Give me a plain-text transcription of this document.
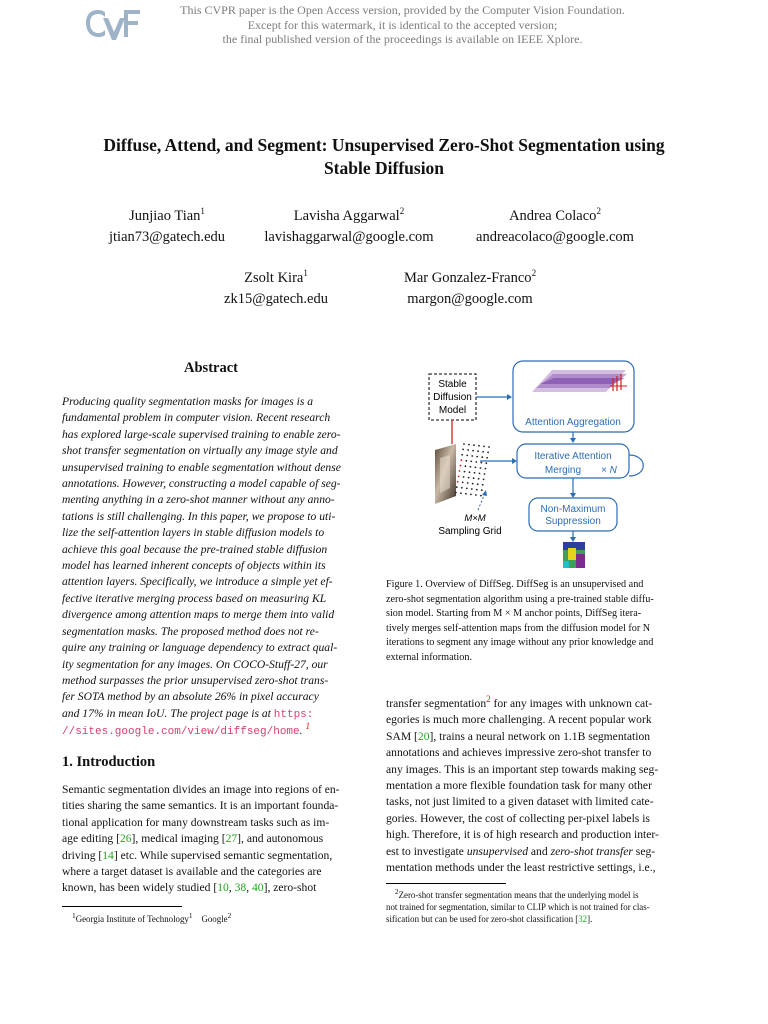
This CVPR paper is the Open Access version, provided by the Computer Vision Foundation.
Except for this watermark, it is identical to the accepted version;
the final published version of the proceedings is available on IEEE Xplore.
Diffuse, Attend, and Segment: Unsupervised Zero-Shot Segmentation using
Stable Diffusion
Junjiao Tian$^1$
jtian73@gatech.edu
Lavisha Aggarwal$^2$
lavishaggarwal@google.com
Andrea Colaco$^2$
andreacolaco@google.com
Zsolt Kira$^1$
zk15@gatech.edu
Mar Gonzalez-Franco$^2$
margon@google.com
Abstract
Producing quality segmentation masks for images is a
fundamental problem in computer vision. Recent research
has explored large-scale supervised training to enable zero-
shot transfer segmentation on virtually any image style and
unsupervised training to enable segmentation without dense
annotations. However, constructing a model capable of seg-
menting anything in a zero-shot manner without any anno-
tations is still challenging. In this paper, we propose to uti-
lize the self-attention layers in stable diffusion models to
achieve this goal because the pre-trained stable diffusion
model has learned inherent concepts of objects within its
attention layers. Specifically, we introduce a simple yet ef-
fective iterative merging process based on measuring KL
divergence among attention maps to merge them into valid
segmentation masks. The proposed method does not re-
quire any training or language dependency to extract qual-
ity segmentation for any images. On COCO-Stuff-27, our
method surpasses the prior unsupervised zero-shot trans-
fer SOTA method by an absolute 26% in pixel accuracy
and 17% in mean IoU. The project page is at https:
//sites.google.com/view/diffseg/home. $^1$
1. Introduction
Semantic segmentation divides an image into regions of en-
tities sharing the same semantics. It is an important founda-
tional application for many downstream tasks such as im-
age editing [26], medical imaging [27], and autonomous
driving [14] etc. While supervised semantic segmentation,
where a target dataset is available and the categories are
known, has been widely studied [10, 38, 40], zero-shot
$^1$Georgia Institute of Technology$^1$ Google$^2$
Stable
Diffusion
Model
Attention Aggregation
Iterative Attention
Merging × N
Non-Maximum
Suppression
M×M
Sampling Grid
Figure 1. Overview of DiffSeg. DiffSeg is an unsupervised and
zero-shot segmentation algorithm using a pre-trained stable diffu-
sion model. Starting from M × M anchor points, DiffSeg itera-
tively merges self-attention maps from the diffusion model for N
iterations to segment any image without any prior knowledge and
external information.
transfer segmentation$^2$ for any images with unknown cat-
egories is much more challenging. A recent popular work
SAM [20], trains a neural network on 1.1B segmentation
annotations and achieves impressive zero-shot transfer to
any images. This is an important step towards making seg-
mentation a more flexible foundation task for many other
tasks, not just limited to a given dataset with limited cate-
gories. However, the cost of collecting per-pixel labels is
high. Therefore, it is of high research and production inter-
est to investigate unsupervised and zero-shot transfer seg-
mentation methods under the least restrictive settings, i.e.,
$^2$Zero-shot transfer segmentation means that the underlying model is
not trained for segmentation, similar to CLIP which is not trained for clas-
sification but can be used for zero-shot classification [32].
